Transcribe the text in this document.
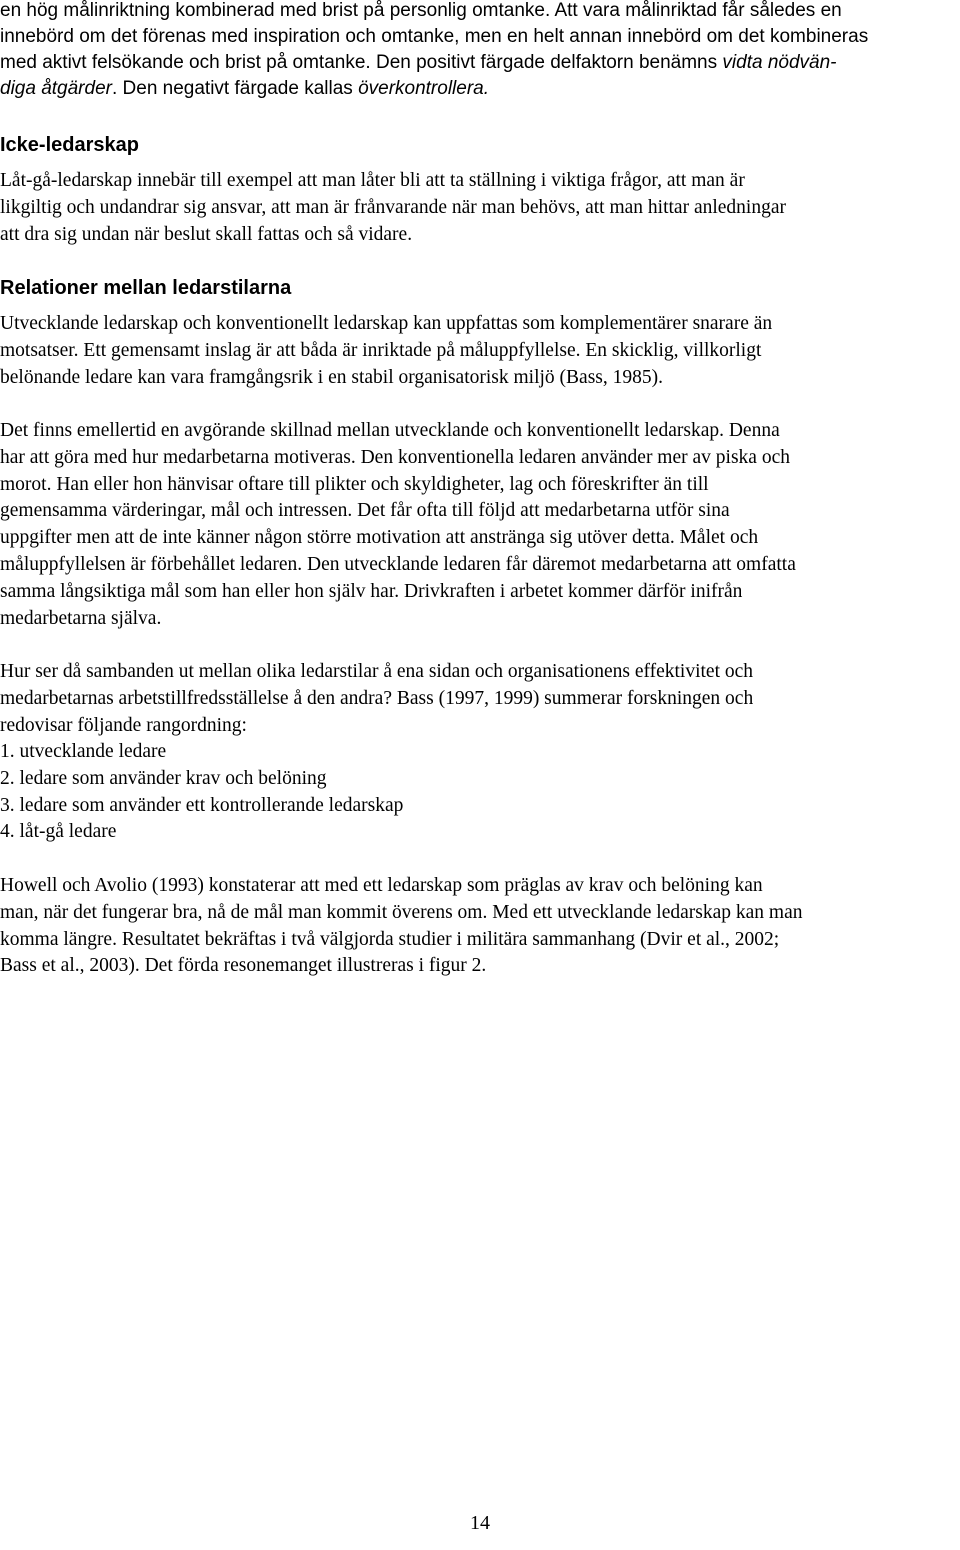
en hög målinriktning kombinerad med brist på personlig omtanke. Att vara målinriktad får således en
innebörd om det förenas med inspiration och omtanke, men en helt annan innebörd om det kombineras
med aktivt felsökande och brist på omtanke. Den positivt färgade delfaktorn benämns vidta nödvän-
diga åtgärder. Den negativt färgade kallas överkontrollera.
Icke-ledarskap
Låt-gå-ledarskap innebär till exempel att man låter bli att ta ställning i viktiga frågor, att man är
likgiltig och undandrar sig ansvar, att man är frånvarande när man behövs, att man hittar anledningar
att dra sig undan när beslut skall fattas och så vidare.
Relationer mellan ledarstilarna
Utvecklande ledarskap och konventionellt ledarskap kan uppfattas som komplementärer snarare än
motsatser. Ett gemensamt inslag är att båda är inriktade på måluppfyllelse. En skicklig, villkorligt
belönande ledare kan vara framgångsrik i en stabil organisatorisk miljö (Bass, 1985).
Det finns emellertid en avgörande skillnad mellan utvecklande och konventionellt ledarskap. Denna
har att göra med hur medarbetarna motiveras. Den konventionella ledaren använder mer av piska och
morot. Han eller hon hänvisar oftare till plikter och skyldigheter, lag och föreskrifter än till
gemensamma värderingar, mål och intressen. Det får ofta till följd att medarbetarna utför sina
uppgifter men att de inte känner någon större motivation att anstränga sig utöver detta. Målet och
måluppfyllelsen är förbehållet ledaren. Den utvecklande ledaren får däremot medarbetarna att omfatta
samma långsiktiga mål som han eller hon själv har. Drivkraften i arbetet kommer därför inifrån
medarbetarna själva.
Hur ser då sambanden ut mellan olika ledarstilar å ena sidan och organisationens effektivitet och
medarbetarnas arbetstillfredsställelse å den andra? Bass (1997, 1999) summerar forskningen och
redovisar följande rangordning:
1. utvecklande ledare
2. ledare som använder krav och belöning
3. ledare som använder ett kontrollerande ledarskap
4. låt-gå ledare
Howell och Avolio (1993) konstaterar att med ett ledarskap som präglas av krav och belöning kan
man, när det fungerar bra, nå de mål man kommit överens om. Med ett utvecklande ledarskap kan man
komma längre. Resultatet bekräftas i två välgjorda studier i militära sammanhang (Dvir et al., 2002;
Bass et al., 2003). Det förda resonemanget illustreras i figur 2.
14
